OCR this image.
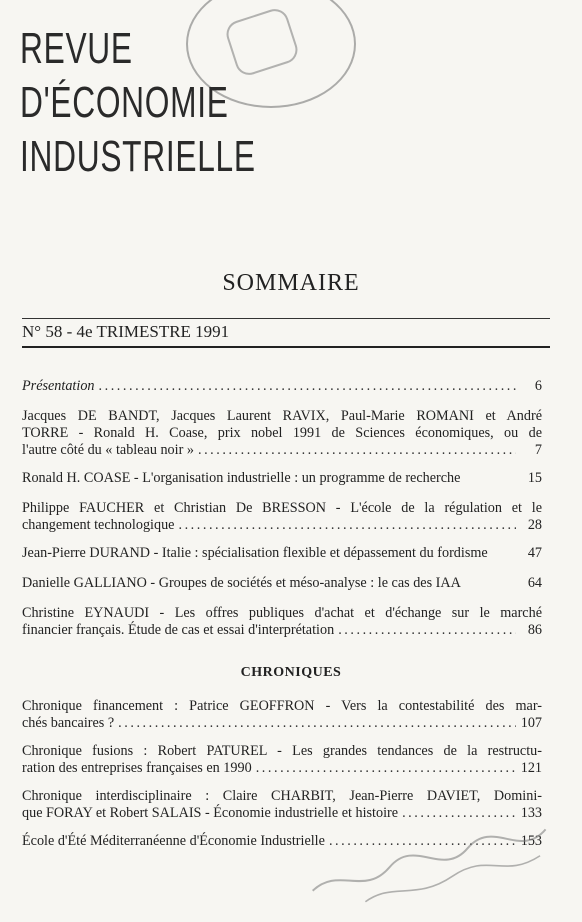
REVUE
D'ÉCONOMIE
INDUSTRIELLE
SOMMAIRE
N° 58 - 4e TRIMESTRE 1991
Présentation . . .	6
Jacques DE BANDT, Jacques Laurent RAVIX, Paul-Marie ROMANI et André
TORRE - Ronald H. Coase, prix nobel 1991 de Sciences économiques, ou de
l'autre côté du « tableau noir » . . .	7
Ronald H. COASE - L'organisation industrielle : un programme de recherche	15
Philippe FAUCHER et Christian De BRESSON - L'école de la régulation et le
changement technologique . . .	28
Jean-Pierre DURAND - Italie : spécialisation flexible et dépassement du fordisme	47
Danielle GALLIANO - Groupes de sociétés et méso-analyse : le cas des IAA	64
Christine EYNAUDI - Les offres publiques d'achat et d'échange sur le marché
financier français. Étude de cas et essai d'interprétation . . .	86
CHRONIQUES
Chronique financement : Patrice GEOFFRON - Vers la contestabilité des mar-
chés bancaires ? . . .	107
Chronique fusions : Robert PATUREL - Les grandes tendances de la restructu-
ration des entreprises françaises en 1990 . . .	121
Chronique interdisciplinaire : Claire CHARBIT, Jean-Pierre DAVIET, Domini-
que FORAY et Robert SALAIS - Économie industrielle et histoire . . .	133
École d'Été Méditerranéenne d'Économie Industrielle . . .	153
